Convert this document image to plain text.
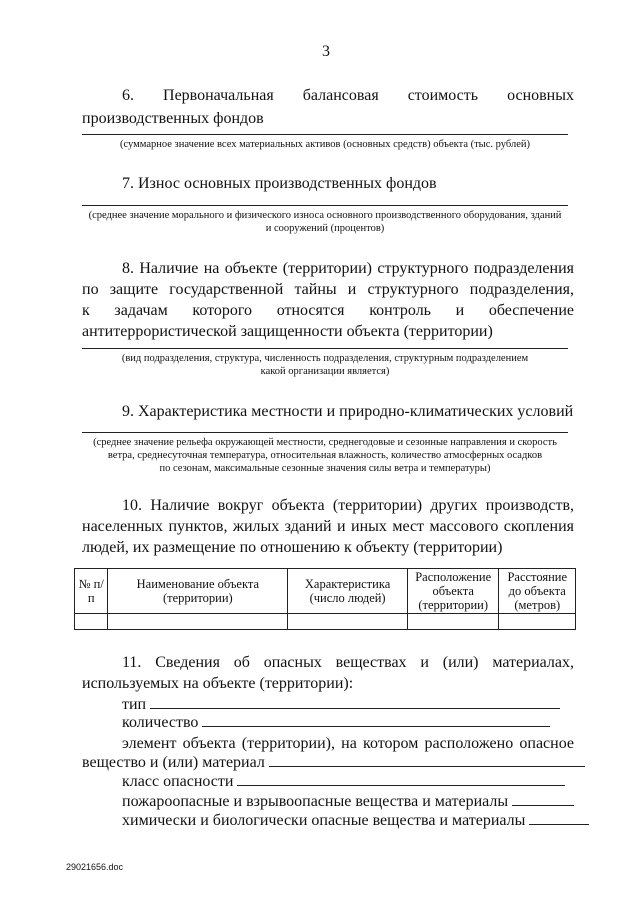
3
6. Первоначальная балансовая стоимость основных
производственных фондов
(суммарное значение всех материальных активов (основных средств) объекта (тыс. рублей)
7. Износ основных производственных фондов
(среднее значение морального и физического износа основного производственного оборудования, зданий
и сооружений (процентов)
8. Наличие на объекте (территории) структурного подразделения
по защите государственной тайны и структурного подразделения,
к задачам которого относятся контроль и обеспечение
антитеррористической защищенности объекта (территории)
(вид подразделения, структура, численность подразделения, структурным подразделением
какой организации является)
9. Характеристика местности и природно-климатических условий
(среднее значение рельефа окружающей местности, среднегодовые и сезонные направления и скорость
ветра, среднесуточная температура, относительная влажность, количество атмосферных осадков
по сезонам, максимальные сезонные значения силы ветра и температуры)
10. Наличие вокруг объекта (территории) других производств,
населенных пунктов, жилых зданий и иных мест массового скопления
людей, их размещение по отношению к объекту (территории)
№ п/п	Наименование объекта (территории)	Характеристика (число людей)	Расположение объекта (территории)	Расстояние до объекта (метров)

11. Сведения об опасных веществах и (или) материалах,
используемых на объекте (территории):
тип
количество
элемент объекта (территории), на котором расположено опасное
вещество и (или) материал
класс опасности
пожароопасные и взрывоопасные вещества и материалы
химически и биологически опасные вещества и материалы
29021656.doc
